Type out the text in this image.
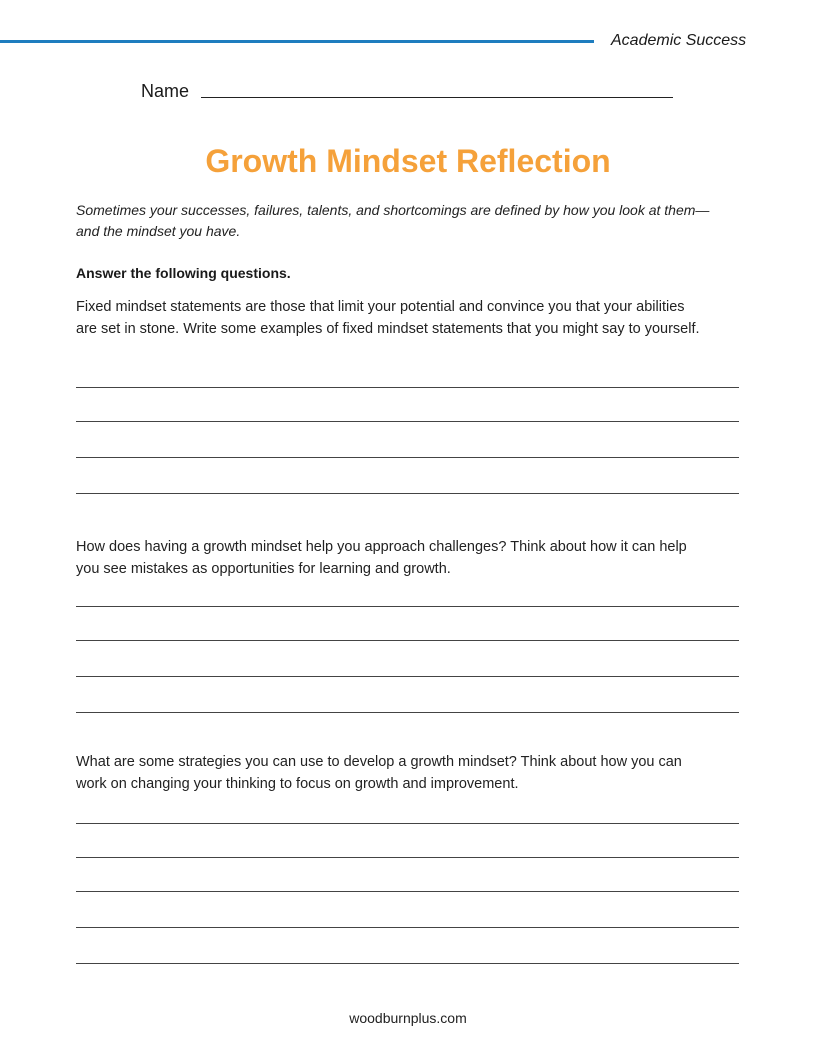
Academic Success
Name
Growth Mindset Reflection
Sometimes your successes, failures, talents, and shortcomings are defined by how you look at them—
and the mindset you have.
Answer the following questions.
Fixed mindset statements are those that limit your potential and convince you that your abilities
are set in stone. Write some examples of fixed mindset statements that you might say to yourself.
How does having a growth mindset help you approach challenges? Think about how it can help
you see mistakes as opportunities for learning and growth.
What are some strategies you can use to develop a growth mindset? Think about how you can
work on changing your thinking to focus on growth and improvement.
woodburnplus.com
